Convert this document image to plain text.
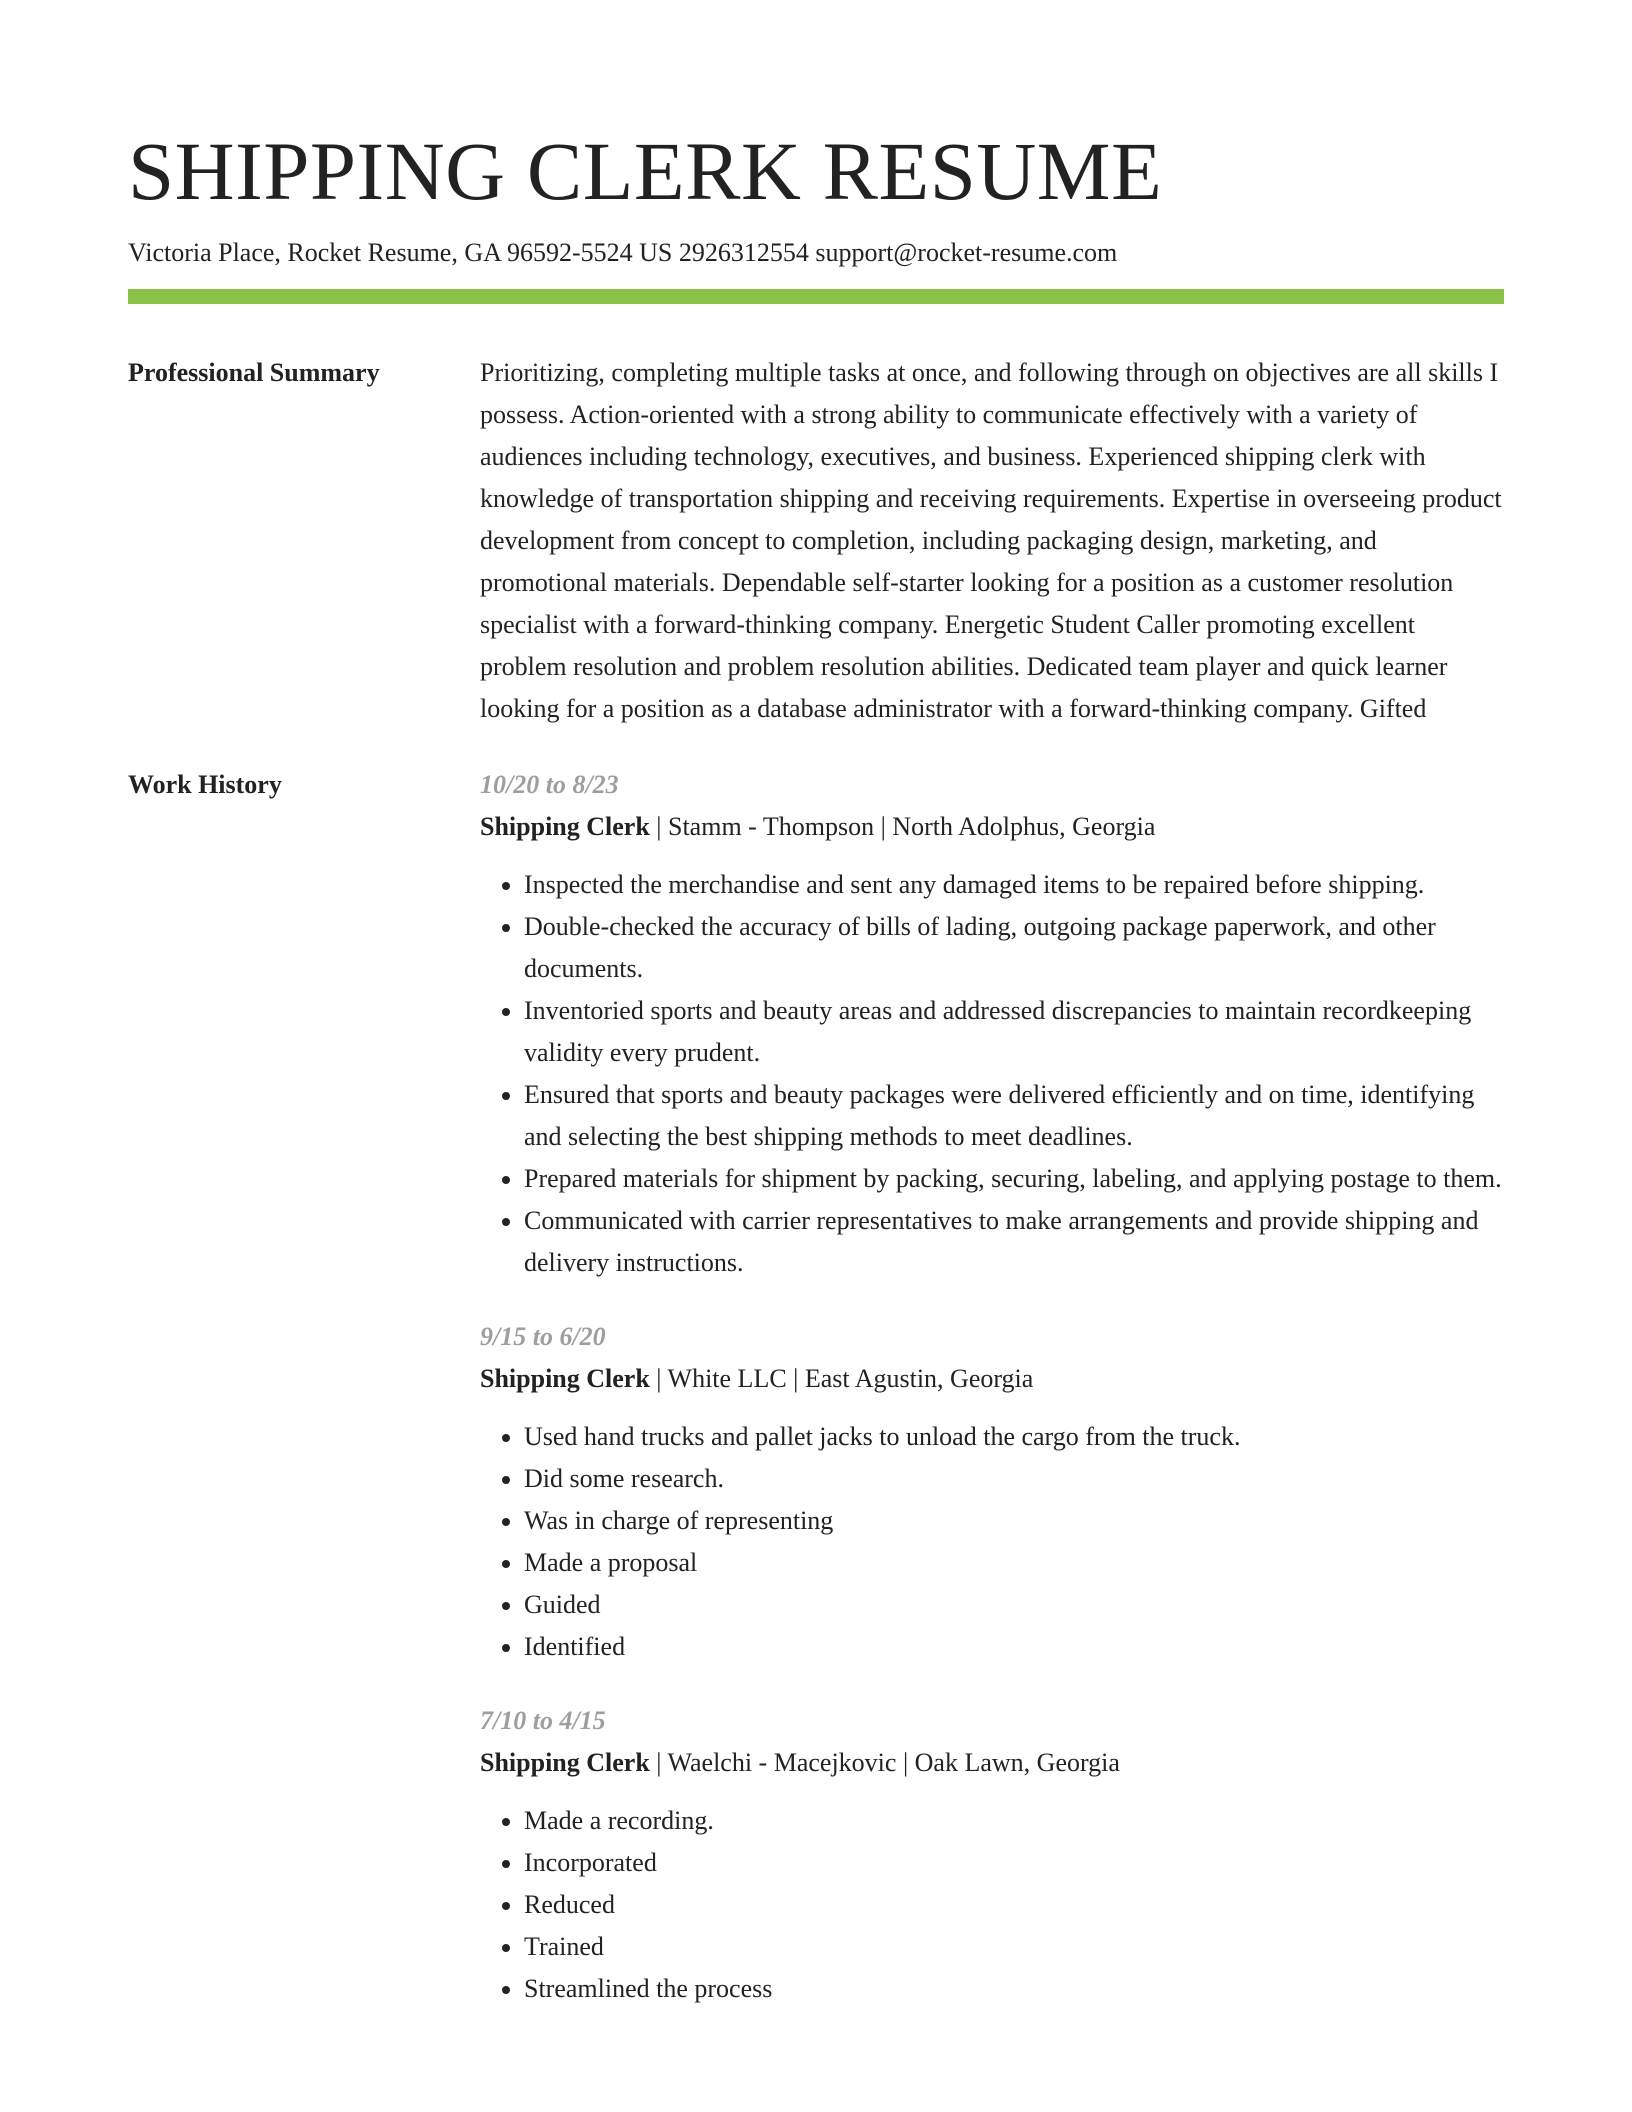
SHIPPING CLERK RESUME
Victoria Place, Rocket Resume, GA 96592-5524 US 2926312554 support@rocket-resume.com
Professional Summary	Prioritizing, completing multiple tasks at once, and following through on objectives are all skills I possess. Action-oriented with a strong ability to communicate effectively with a variety of audiences including technology, executives, and business. Experienced shipping clerk with knowledge of transportation shipping and receiving requirements. Expertise in overseeing product development from concept to completion, including packaging design, marketing, and promotional materials. Dependable self-starter looking for a position as a customer resolution specialist with a forward-thinking company. Energetic Student Caller promoting excellent problem resolution and problem resolution abilities. Dedicated team player and quick learner looking for a position as a database administrator with a forward-thinking company. Gifted
Work History	10/20 to 8/23
Shipping Clerk | Stamm - Thompson | North Adolphus, Georgia
• Inspected the merchandise and sent any damaged items to be repaired before shipping.
• Double-checked the accuracy of bills of lading, outgoing package paperwork, and other documents.
• Inventoried sports and beauty areas and addressed discrepancies to maintain recordkeeping validity every prudent.
• Ensured that sports and beauty packages were delivered efficiently and on time, identifying and selecting the best shipping methods to meet deadlines.
• Prepared materials for shipment by packing, securing, labeling, and applying postage to them.
• Communicated with carrier representatives to make arrangements and provide shipping and delivery instructions.
9/15 to 6/20
Shipping Clerk | White LLC | East Agustin, Georgia
• Used hand trucks and pallet jacks to unload the cargo from the truck.
• Did some research.
• Was in charge of representing
• Made a proposal
• Guided
• Identified
7/10 to 4/15
Shipping Clerk | Waelchi - Macejkovic | Oak Lawn, Georgia
• Made a recording.
• Incorporated
• Reduced
• Trained
• Streamlined the process
